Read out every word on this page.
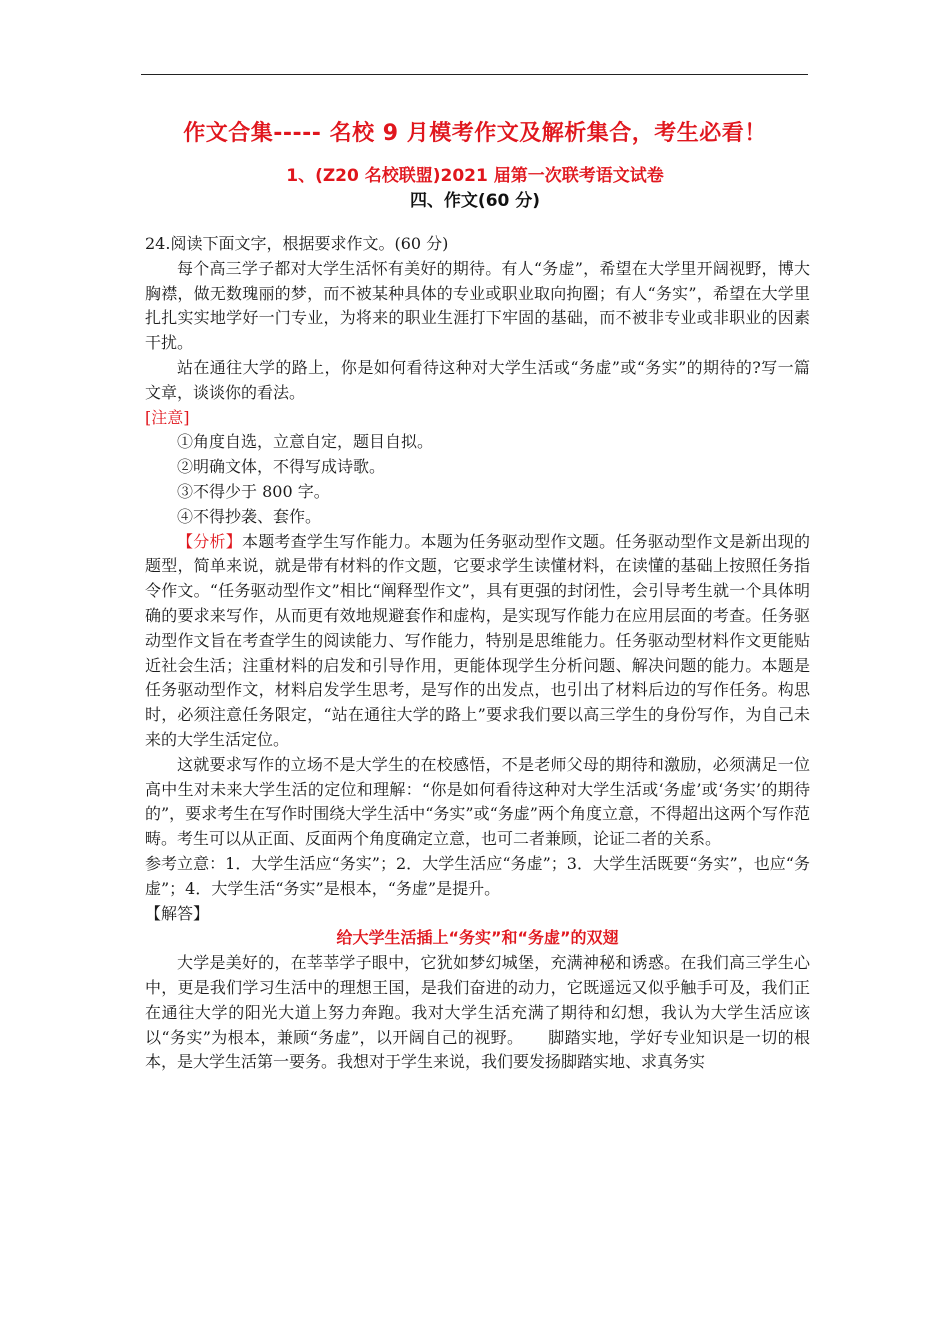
作文合集----- 名校 9 月模考作文及解析集合，考生必看！
1、(Z20 名校联盟)2021 届第一次联考语文试卷
四、作文(60 分)

24.阅读下面文字，根据要求作文。(60 分)

每个高三学子都对大学生活怀有美好的期待。有人“务虚”，希望在大学里开阔视野，博大胸襟，做无数瑰丽的梦，而不被某种具体的专业或职业取向拘圈；有人“务实”，希望在大学里扎扎实实地学好一门专业，为将来的职业生涯打下牢固的基础，而不被非专业或非职业的因素干扰。

站在通往大学的路上，你是如何看待这种对大学生活或“务虚”或“务实”的期待的?写一篇文章，谈谈你的看法。

[注意]

①角度自选，立意自定，题目自拟。

②明确文体，不得写成诗歌。

③不得少于 800 字。

④不得抄袭、套作。

【分析】本题考查学生写作能力。本题为任务驱动型作文题。任务驱动型作文是新出现的题型，简单来说，就是带有材料的作文题，它要求学生读懂材料，在读懂的基础上按照任务指令作文。“任务驱动型作文”相比“阐释型作文”，具有更强的封闭性，会引导考生就一个具体明确的要求来写作，从而更有效地规避套作和虚构，是实现写作能力在应用层面的考查。任务驱动型作文旨在考查学生的阅读能力、写作能力，特别是思维能力。任务驱动型材料作文更能贴近社会生活；注重材料的启发和引导作用，更能体现学生分析问题、解决问题的能力。本题是任务驱动型作文，材料启发学生思考，是写作的出发点，也引出了材料后边的写作任务。构思时，必须注意任务限定，“站在通往大学的路上”要求我们要以高三学生的身份写作，为自己未来的大学生活定位。

这就要求写作的立场不是大学生的在校感悟，不是老师父母的期待和激励，必须满足一位高中生对未来大学生活的定位和理解：“你是如何看待这种对大学生活或‘务虚’或‘务实’的期待的”，要求考生在写作时围绕大学生活中“务实”或“务虚”两个角度立意，不得超出这两个写作范畴。考生可以从正面、反面两个角度确定立意，也可二者兼顾，论证二者的关系。

参考立意：1．大学生活应“务实”；2．大学生活应“务虚”；3．大学生活既要“务实”，也应“务虚”；4．大学生活“务实”是根本，“务虚”是提升。

【解答】

给大学生活插上“务实”和“务虚”的双翅

大学是美好的，在莘莘学子眼中，它犹如梦幻城堡，充满神秘和诱惑。在我们高三学生心中，更是我们学习生活中的理想王国，是我们奋进的动力，它既遥远又似乎触手可及，我们正在通往大学的阳光大道上努力奔跑。我对大学生活充满了期待和幻想，我认为大学生活应该以“务实”为根本，兼顾“务虚”，以开阔自己的视野。　　脚踏实地，学好专业知识是一切的根本，是大学生活第一要务。我想对于学生来说，我们要发扬脚踏实地、求真务实
